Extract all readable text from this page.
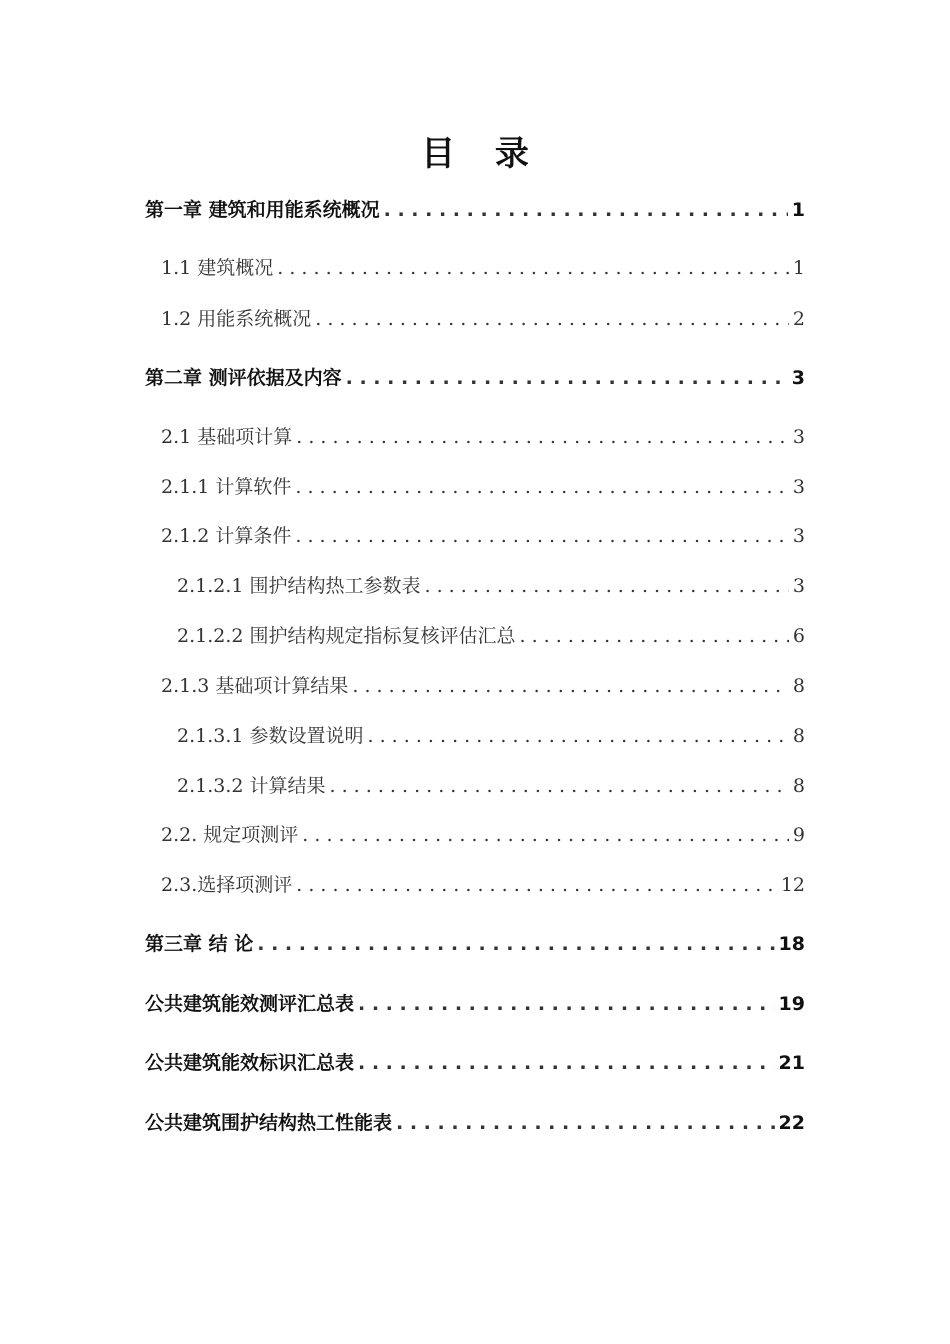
目 录
第一章 建筑和用能系统概况 . . .	1
1.1 建筑概况 . . .	1
1.2 用能系统概况 . . .	2
第二章 测评依据及内容 . . .	3
2.1 基础项计算 . . .	3
2.1.1 计算软件 . . .	3
2.1.2 计算条件 . . .	3
2.1.2.1 围护结构热工参数表 . . .	3
2.1.2.2 围护结构规定指标复核评估汇总 . . .	6
2.1.3 基础项计算结果 . . .	8
2.1.3.1 参数设置说明 . . .	8
2.1.3.2 计算结果 . . .	8
2.2. 规定项测评 . . .	9
2.3.选择项测评 . . .	12
第三章 结 论 . . .	18
公共建筑能效测评汇总表 . . .	19
公共建筑能效标识汇总表 . . .	21
公共建筑围护结构热工性能表 . . .	22
